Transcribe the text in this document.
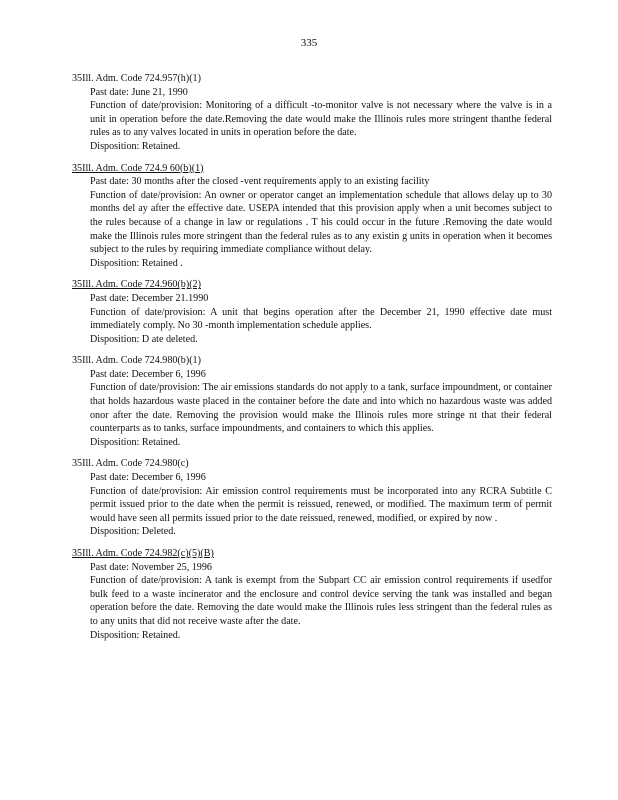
335
35Ill. Adm. Code 724.957(h)(1)
Past date: June 21, 1990
Function of date/provision: Monitoring of a difficult -to-monitor valve is not necessary where the valve is in a unit in operation before the date.Removing the date would make the Illinois rules more stringent thanthe federal rules as to any valves located in units in operation before the date.
Disposition: Retained.
35Ill. Adm. Code 724.9 60(b)(1)
Past date: 30 months after the closed -vent requirements apply to an existing facility
Function of date/provision: An owner or operator canget an implementation schedule that allows delay up to 30 months del ay after the effective date. USEPA intended that this provision apply when a unit becomes subject to the rules because of a change in law or regulations . T his could occur in the future .Removing the date would make the Illinois rules more stringent than the federal rules as to any existin g units in operation when it becomes subject to the rules by requiring immediate compliance without delay.
Disposition: Retained .
35Ill. Adm. Code 724.960(b)(2)
Past date: December 21.1990
Function of date/provision: A unit that begins operation after the December 21, 1990 effective date must immediately comply. No 30 -month implementation schedule applies.
Disposition: D ate deleted.
35Ill. Adm. Code 724.980(b)(1)
Past date: December 6, 1996
Function of date/provision: The air emissions standards do not apply to a tank, surface impoundment, or container that holds hazardous waste placed in the container before the date and into which no hazardous waste was added onor after the date. Removing the provision would make the Illinois rules more stringe nt that their federal counterparts as to tanks, surface impoundments, and containers to which this applies.
Disposition: Retained.
35Ill. Adm. Code 724.980(c)
Past date: December 6, 1996
Function of date/provision: Air emission control requirements must be incorporated into any RCRA Subtitle C permit issued prior to the date when the permit is reissued, renewed, or modified. The maximum term of permit would have seen all permits issued prior to the date reissued, renewed, modified, or expired by now .
Disposition: Deleted.
35Ill. Adm. Code 724.982(c)(5)(B)
Past date: November 25, 1996
Function of date/provision: A tank is exempt from the Subpart CC air emission control requirements if usedfor bulk feed to a waste incinerator and the enclosure and control device serving the tank was installed and began operation before the date. Removing the date would make the Illinois rules less stringent than the federal rules as to any units that did not receive waste after the date.
Disposition: Retained.
